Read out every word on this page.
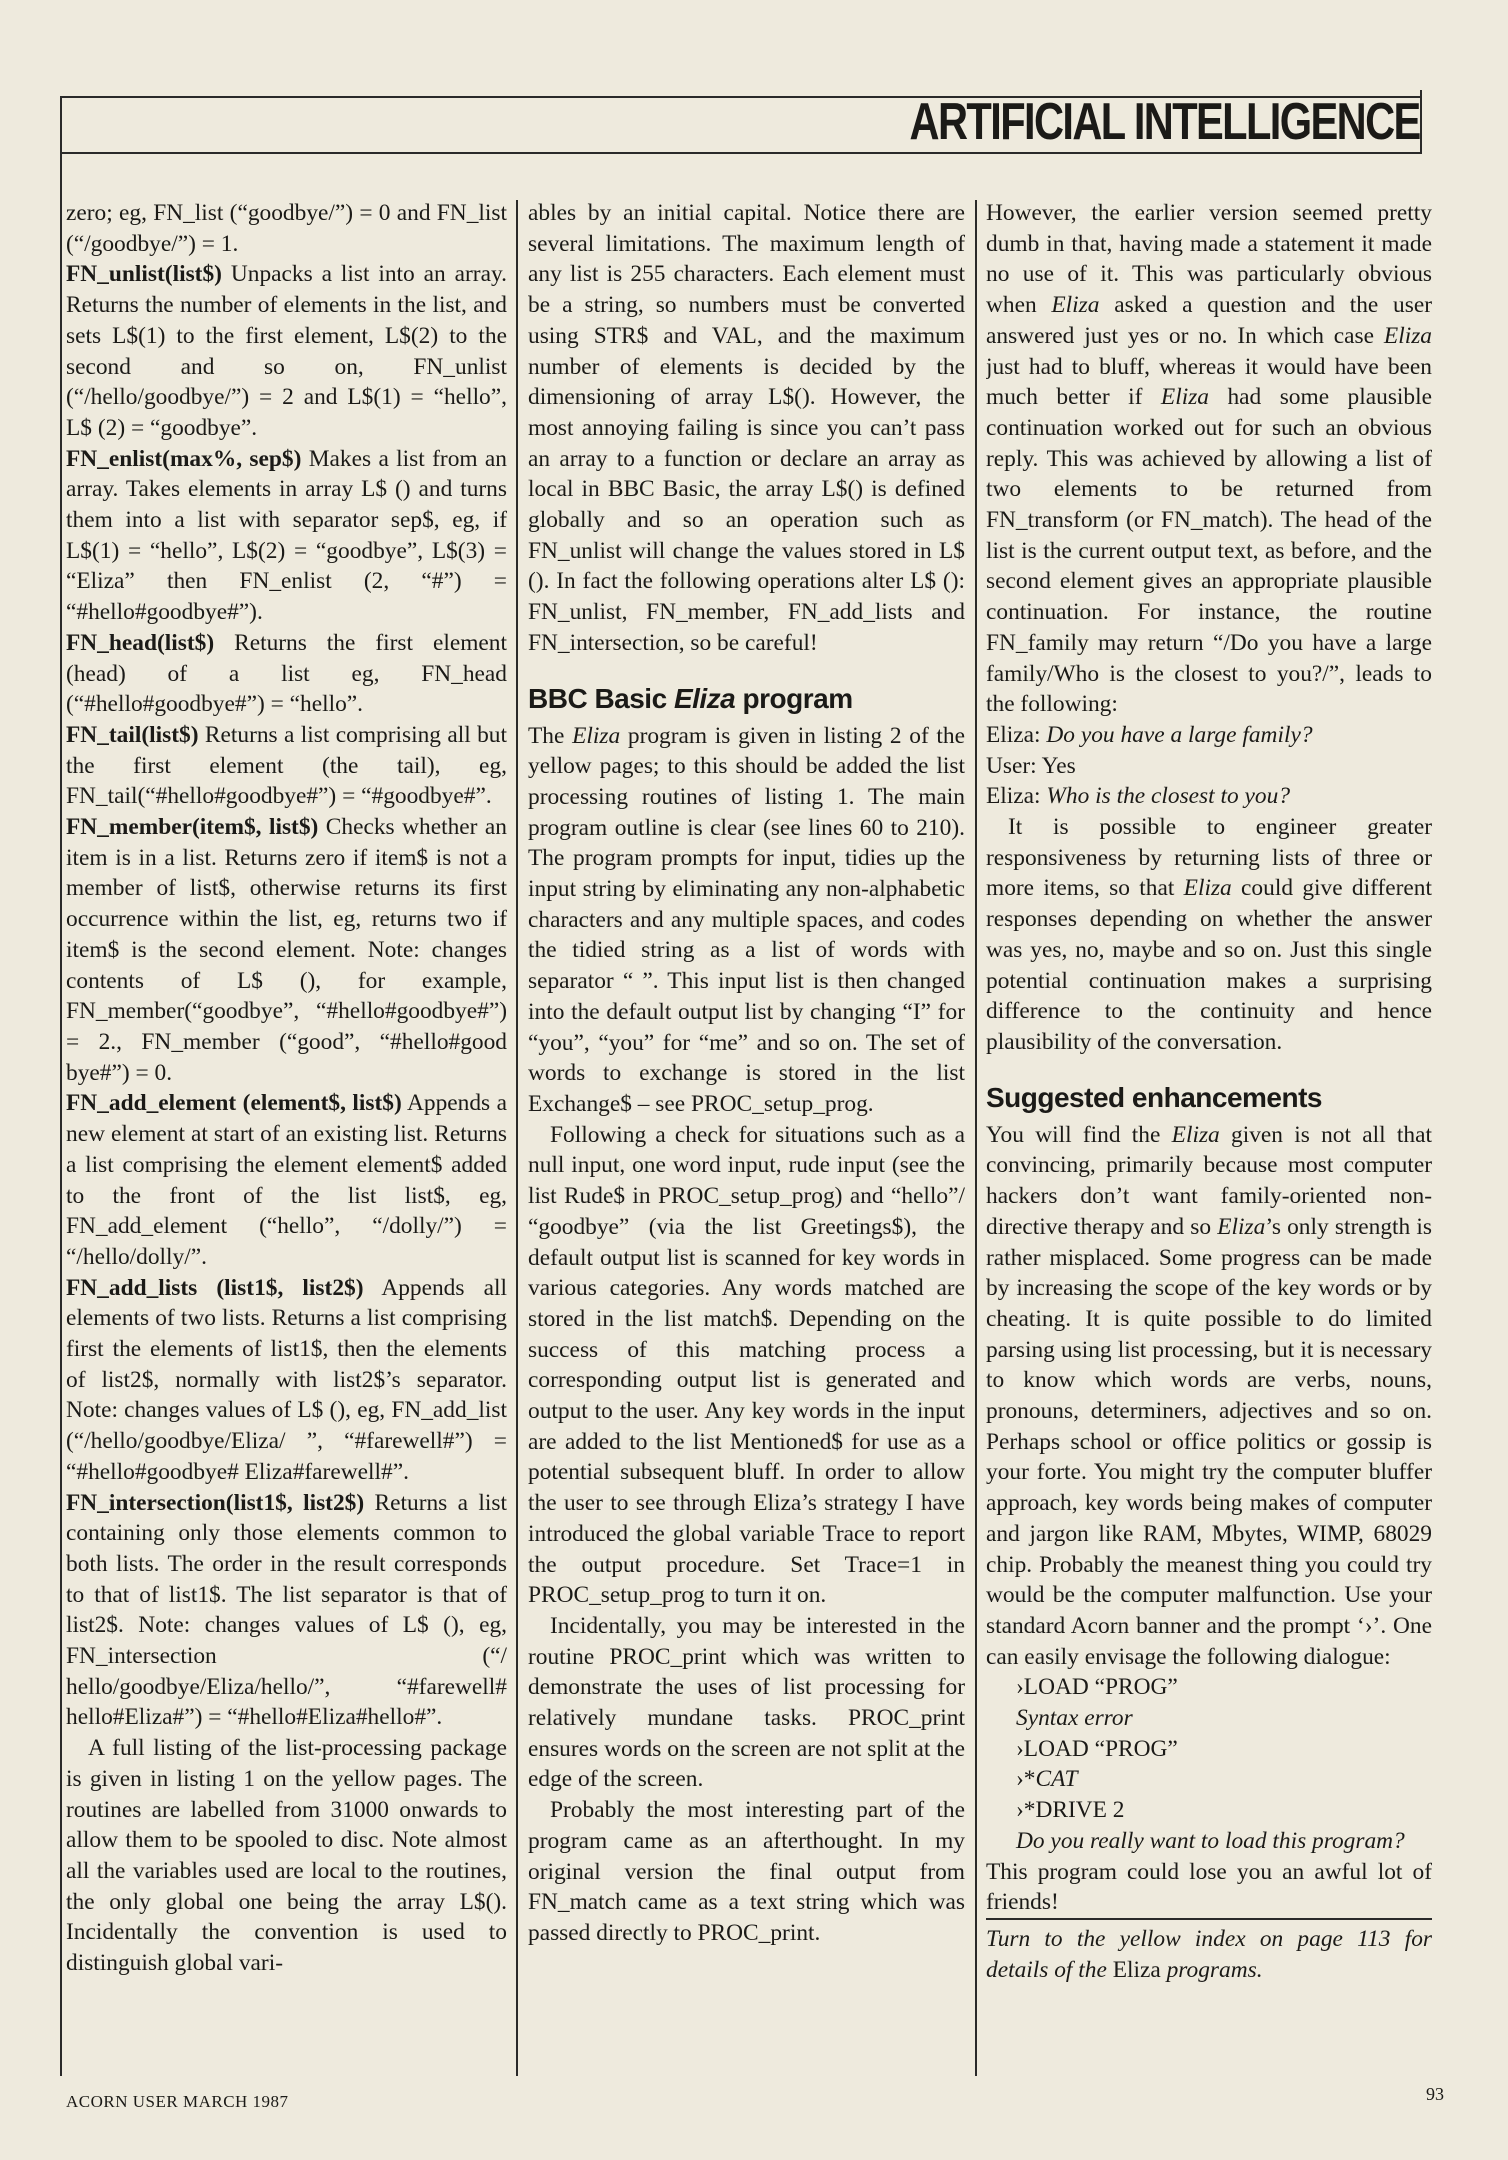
ARTIFICIAL INTELLIGENCE

zero; eg, FN_list (“goodbye/”) = 0 and FN_list (“/goodbye/”) = 1.

FN_unlist(list$) Unpacks a list into an array. Returns the number of elements in the list, and sets L$(1) to the first element, L$(2) to the second and so on, FN_unlist (“/hello/goodbye/”) = 2 and L$(1) = “hello”, L$ (2) = “goodbye”.

FN_enlist(max%, sep$) Makes a list from an array. Takes elements in array L$ () and turns them into a list with separator sep$, eg, if L$(1) = “hello”, L$(2) = “goodbye”, L$(3) = “Eliza” then FN_enlist (2, “#”) = “#hello#goodbye#”).

FN_head(list$) Returns the first element (head) of a list eg, FN_head (“#hello#goodbye#”) = “hello”.

FN_tail(list$) Returns a list comprising all but the first element (the tail), eg, FN_tail(“#hello#goodbye#”) = “#goodbye#”.

FN_member(item$, list$) Checks whether an item is in a list. Returns zero if item$ is not a member of list$, otherwise returns its first occurrence within the list, eg, returns two if item$ is the second element. Note: changes contents of L$ (), for example, FN_member(“goodbye”, “#hello#goodbye#”) = 2., FN_member (“good”, “#hello#good bye#”) = 0.

FN_add_element (element$, list$) Appends a new element at start of an existing list. Returns a list comprising the element element$ added to the front of the list list$, eg, FN_add_element (“hello”, “/dolly/”) = “/hello/dolly/”.

FN_add_lists (list1$, list2$) Appends all elements of two lists. Returns a list comprising first the elements of list1$, then the elements of list2$, normally with list2$’s separator. Note: changes values of L$ (), eg, FN_add_list (“/hello/goodbye/Eliza/ ”, “#farewell#”) = “#hello#goodbye# Eliza#farewell#”.

FN_intersection(list1$, list2$) Returns a list containing only those elements common to both lists. The order in the result corresponds to that of list1$. The list separator is that of list2$. Note: changes values of L$ (), eg, FN_intersection (“/ hello/goodbye/Eliza/hello/”, “#farewell# hello#Eliza#”) = “#hello#Eliza#hello#”.

A full listing of the list-processing package is given in listing 1 on the yellow pages. The routines are labelled from 31000 onwards to allow them to be spooled to disc. Note almost all the variables used are local to the routines, the only global one being the array L$(). Incidentally the convention is used to distinguish global vari-

ables by an initial capital. Notice there are several limitations. The maximum length of any list is 255 characters. Each element must be a string, so numbers must be converted using STR$ and VAL, and the maximum number of elements is decided by the dimensioning of array L$(). However, the most annoying failing is since you can’t pass an array to a function or declare an array as local in BBC Basic, the array L$() is defined globally and so an operation such as FN_unlist will change the values stored in L$ (). In fact the following operations alter L$ (): FN_unlist, FN_member, FN_add_lists and FN_intersection, so be careful!

BBC Basic Eliza program

The Eliza program is given in listing 2 of the yellow pages; to this should be added the list processing routines of listing 1. The main program outline is clear (see lines 60 to 210). The program prompts for input, tidies up the input string by eliminating any non-alphabetic characters and any multiple spaces, and codes the tidied string as a list of words with separator “ ”. This input list is then changed into the default output list by changing “I” for “you”, “you” for “me” and so on. The set of words to exchange is stored in the list Exchange$ – see PROC_setup_prog.

Following a check for situations such as a null input, one word input, rude input (see the list Rude$ in PROC_setup_prog) and “hello”/ “goodbye” (via the list Greetings$), the default output list is scanned for key words in various categories. Any words matched are stored in the list match$. Depending on the success of this matching process a corresponding output list is generated and output to the user. Any key words in the input are added to the list Mentioned$ for use as a potential subsequent bluff. In order to allow the user to see through Eliza’s strategy I have introduced the global variable Trace to report the output procedure. Set Trace=1 in PROC_setup_prog to turn it on.

Incidentally, you may be interested in the routine PROC_print which was written to demonstrate the uses of list processing for relatively mundane tasks. PROC_print ensures words on the screen are not split at the edge of the screen.

Probably the most interesting part of the program came as an afterthought. In my original version the final output from FN_match came as a text string which was passed directly to PROC_print.

However, the earlier version seemed pretty dumb in that, having made a statement it made no use of it. This was particularly obvious when Eliza asked a question and the user answered just yes or no. In which case Eliza just had to bluff, whereas it would have been much better if Eliza had some plausible continuation worked out for such an obvious reply. This was achieved by allowing a list of two elements to be returned from FN_transform (or FN_match). The head of the list is the current output text, as before, and the second element gives an appropriate plausible continuation. For instance, the routine FN_family may return “/Do you have a large family/Who is the closest to you?/”, leads to the following:

Eliza: Do you have a large family?

User: Yes

Eliza: Who is the closest to you?

It is possible to engineer greater responsiveness by returning lists of three or more items, so that Eliza could give different responses depending on whether the answer was yes, no, maybe and so on. Just this single potential continuation makes a surprising difference to the continuity and hence plausibility of the conversation.

Suggested enhancements

You will find the Eliza given is not all that convincing, primarily because most computer hackers don’t want family-oriented non-directive therapy and so Eliza’s only strength is rather misplaced. Some progress can be made by increasing the scope of the key words or by cheating. It is quite possible to do limited parsing using list processing, but it is necessary to know which words are verbs, nouns, pronouns, determiners, adjectives and so on. Perhaps school or office politics or gossip is your forte. You might try the computer bluffer approach, key words being makes of computer and jargon like RAM, Mbytes, WIMP, 68029 chip. Probably the meanest thing you could try would be the computer malfunction. Use your standard Acorn banner and the prompt ‘›’. One can easily envisage the following dialogue:

›LOAD “PROG”

Syntax error

›LOAD “PROG”

›*CAT

›*DRIVE 2

Do you really want to load this program?

This program could lose you an awful lot of friends!

Turn to the yellow index on page 113 for details of the Eliza programs.

ACORN USER MARCH 1987	93
